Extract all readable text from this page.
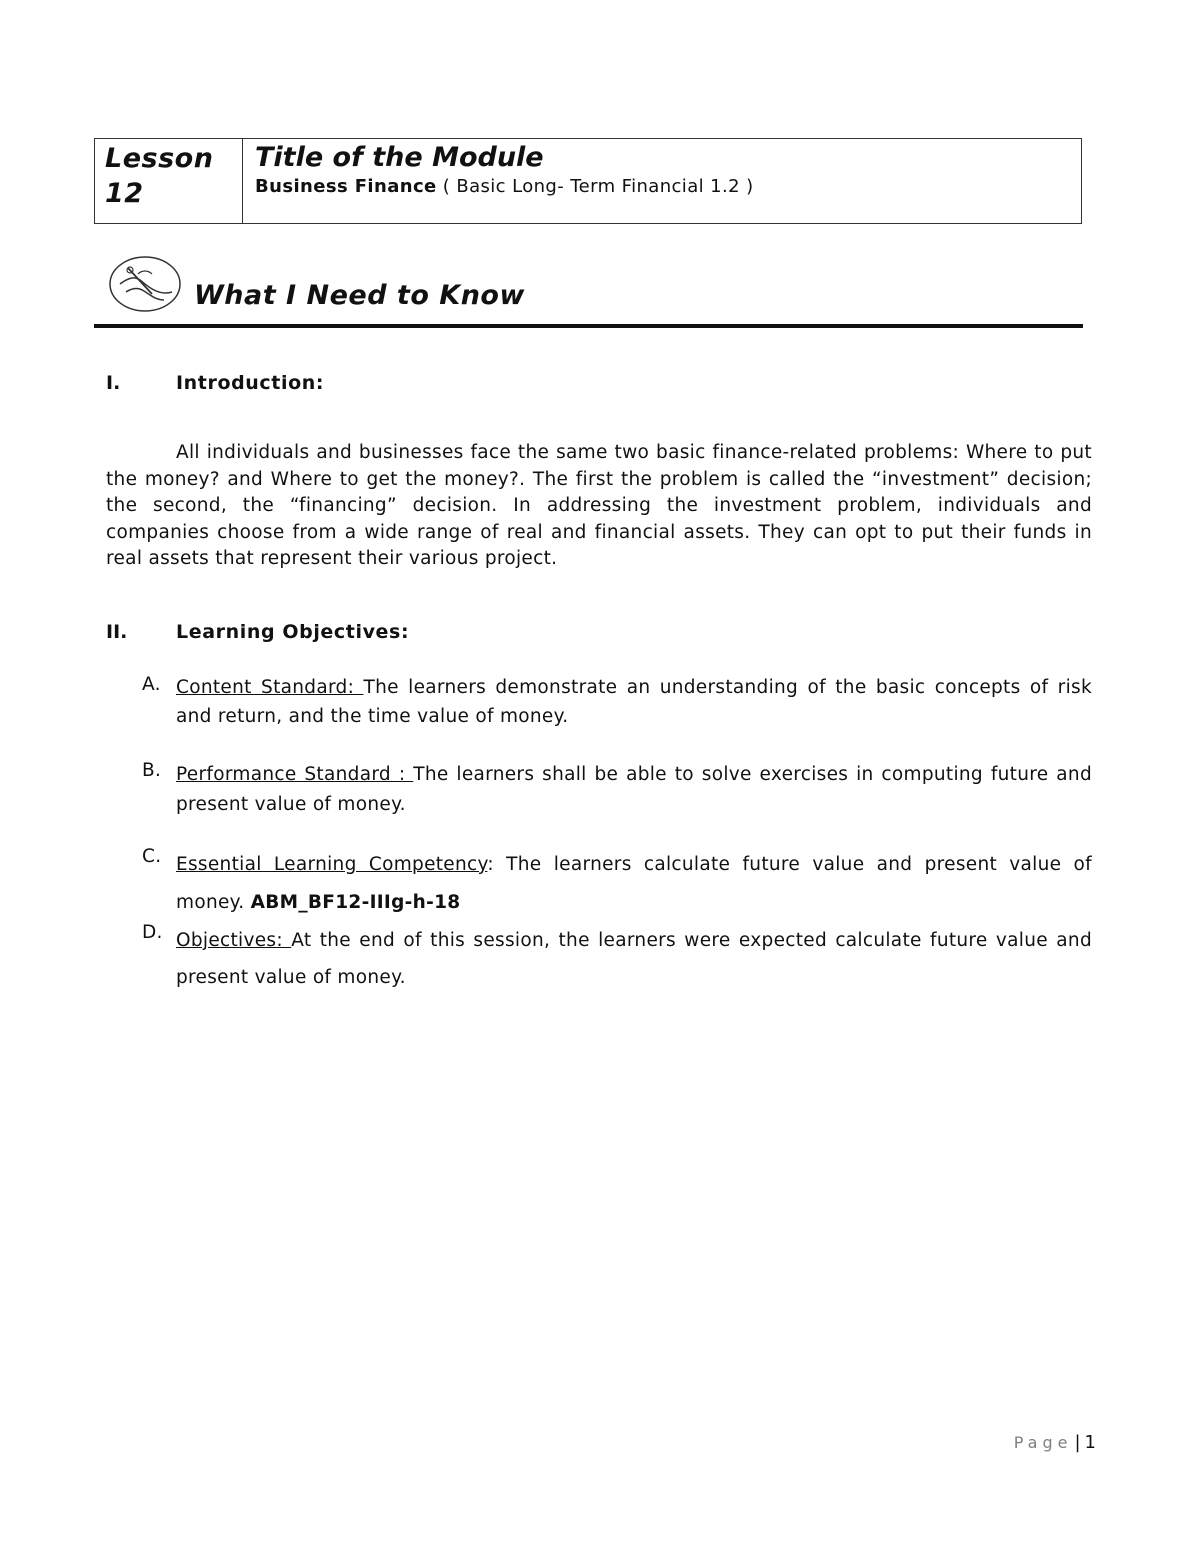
Lesson
12
Title of the Module
Business Finance ( Basic Long- Term Financial 1.2 )
What I Need to Know
I.	Introduction:
All individuals and businesses face the same two basic finance-related problems: Where to put the money? and Where to get the money?. The first the problem is called the “investment” decision; the second, the “financing” decision. In addressing the investment problem, individuals and companies choose from a wide range of real and financial assets. They can opt to put their funds in real assets that represent their various project.
II.	Learning Objectives:
A. Content Standard: The learners demonstrate an understanding of the basic concepts of risk and return, and the time value of money.
B. Performance Standard : The learners shall be able to solve exercises in computing future and present value of money.
C. Essential Learning Competency: The learners calculate future value and present value of money. ABM_BF12-IIIg-h-18
D. Objectives: At the end of this session, the learners were expected calculate future value and present value of money.
Page | 1
